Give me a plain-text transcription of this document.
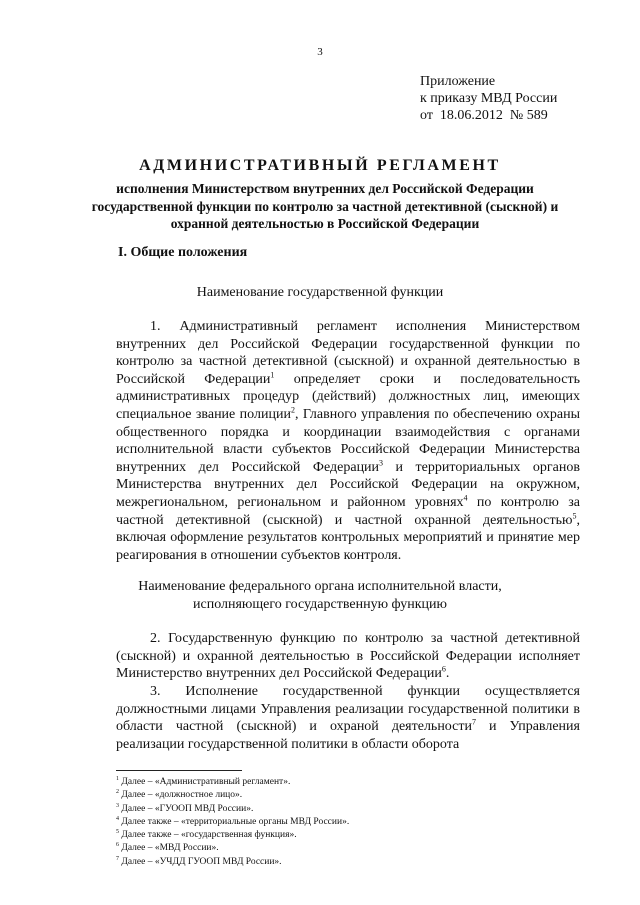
3
Приложение
к приказу МВД России
от  18.06.2012  № 589
АДМИНИСТРАТИВНЫЙ РЕГЛАМЕНТ
исполнения Министерством внутренних дел Российской Федерации государственной функции по контролю за частной детективной (сыскной) и охранной деятельностью в Российской Федерации
I. Общие положения
Наименование государственной функции
1. Административный регламент исполнения Министерством внутренних дел Российской Федерации государственной функции по контролю за частной детективной (сыскной) и охранной деятельностью в Российской Федерации$^1$ определяет сроки и последовательность административных процедур (действий) должностных лиц, имеющих специальное звание полиции$^2$, Главного управления по обеспечению охраны общественного порядка и координации взаимодействия с органами исполнительной власти субъектов Российской Федерации Министерства внутренних дел Российской Федерации$^3$ и территориальных органов Министерства внутренних дел Российской Федерации на окружном, межрегиональном, региональном и районном уровнях$^4$ по контролю за частной детективной (сыскной) и частной охранной деятельностью$^5$, включая оформление результатов контрольных мероприятий и принятие мер реагирования в отношении субъектов контроля.
Наименование федерального органа исполнительной власти,
исполняющего государственную функцию
2. Государственную функцию по контролю за частной детективной (сыскной) и охранной деятельностью в Российской Федерации исполняет Министерство внутренних дел Российской Федерации$^6$.
3. Исполнение государственной функции осуществляется должностными лицами Управления реализации государственной политики в области частной (сыскной) и охраной деятельности$^7$ и Управления реализации государственной политики в области оборота
$^1$ Далее – «Административный регламент».
$^2$ Далее – «должностное лицо».
$^3$ Далее – «ГУООП МВД России».
$^4$ Далее также – «территориальные органы МВД России».
$^5$ Далее также – «государственная функция».
$^6$ Далее – «МВД России».
$^7$ Далее – «УЧДД ГУООП МВД России».
